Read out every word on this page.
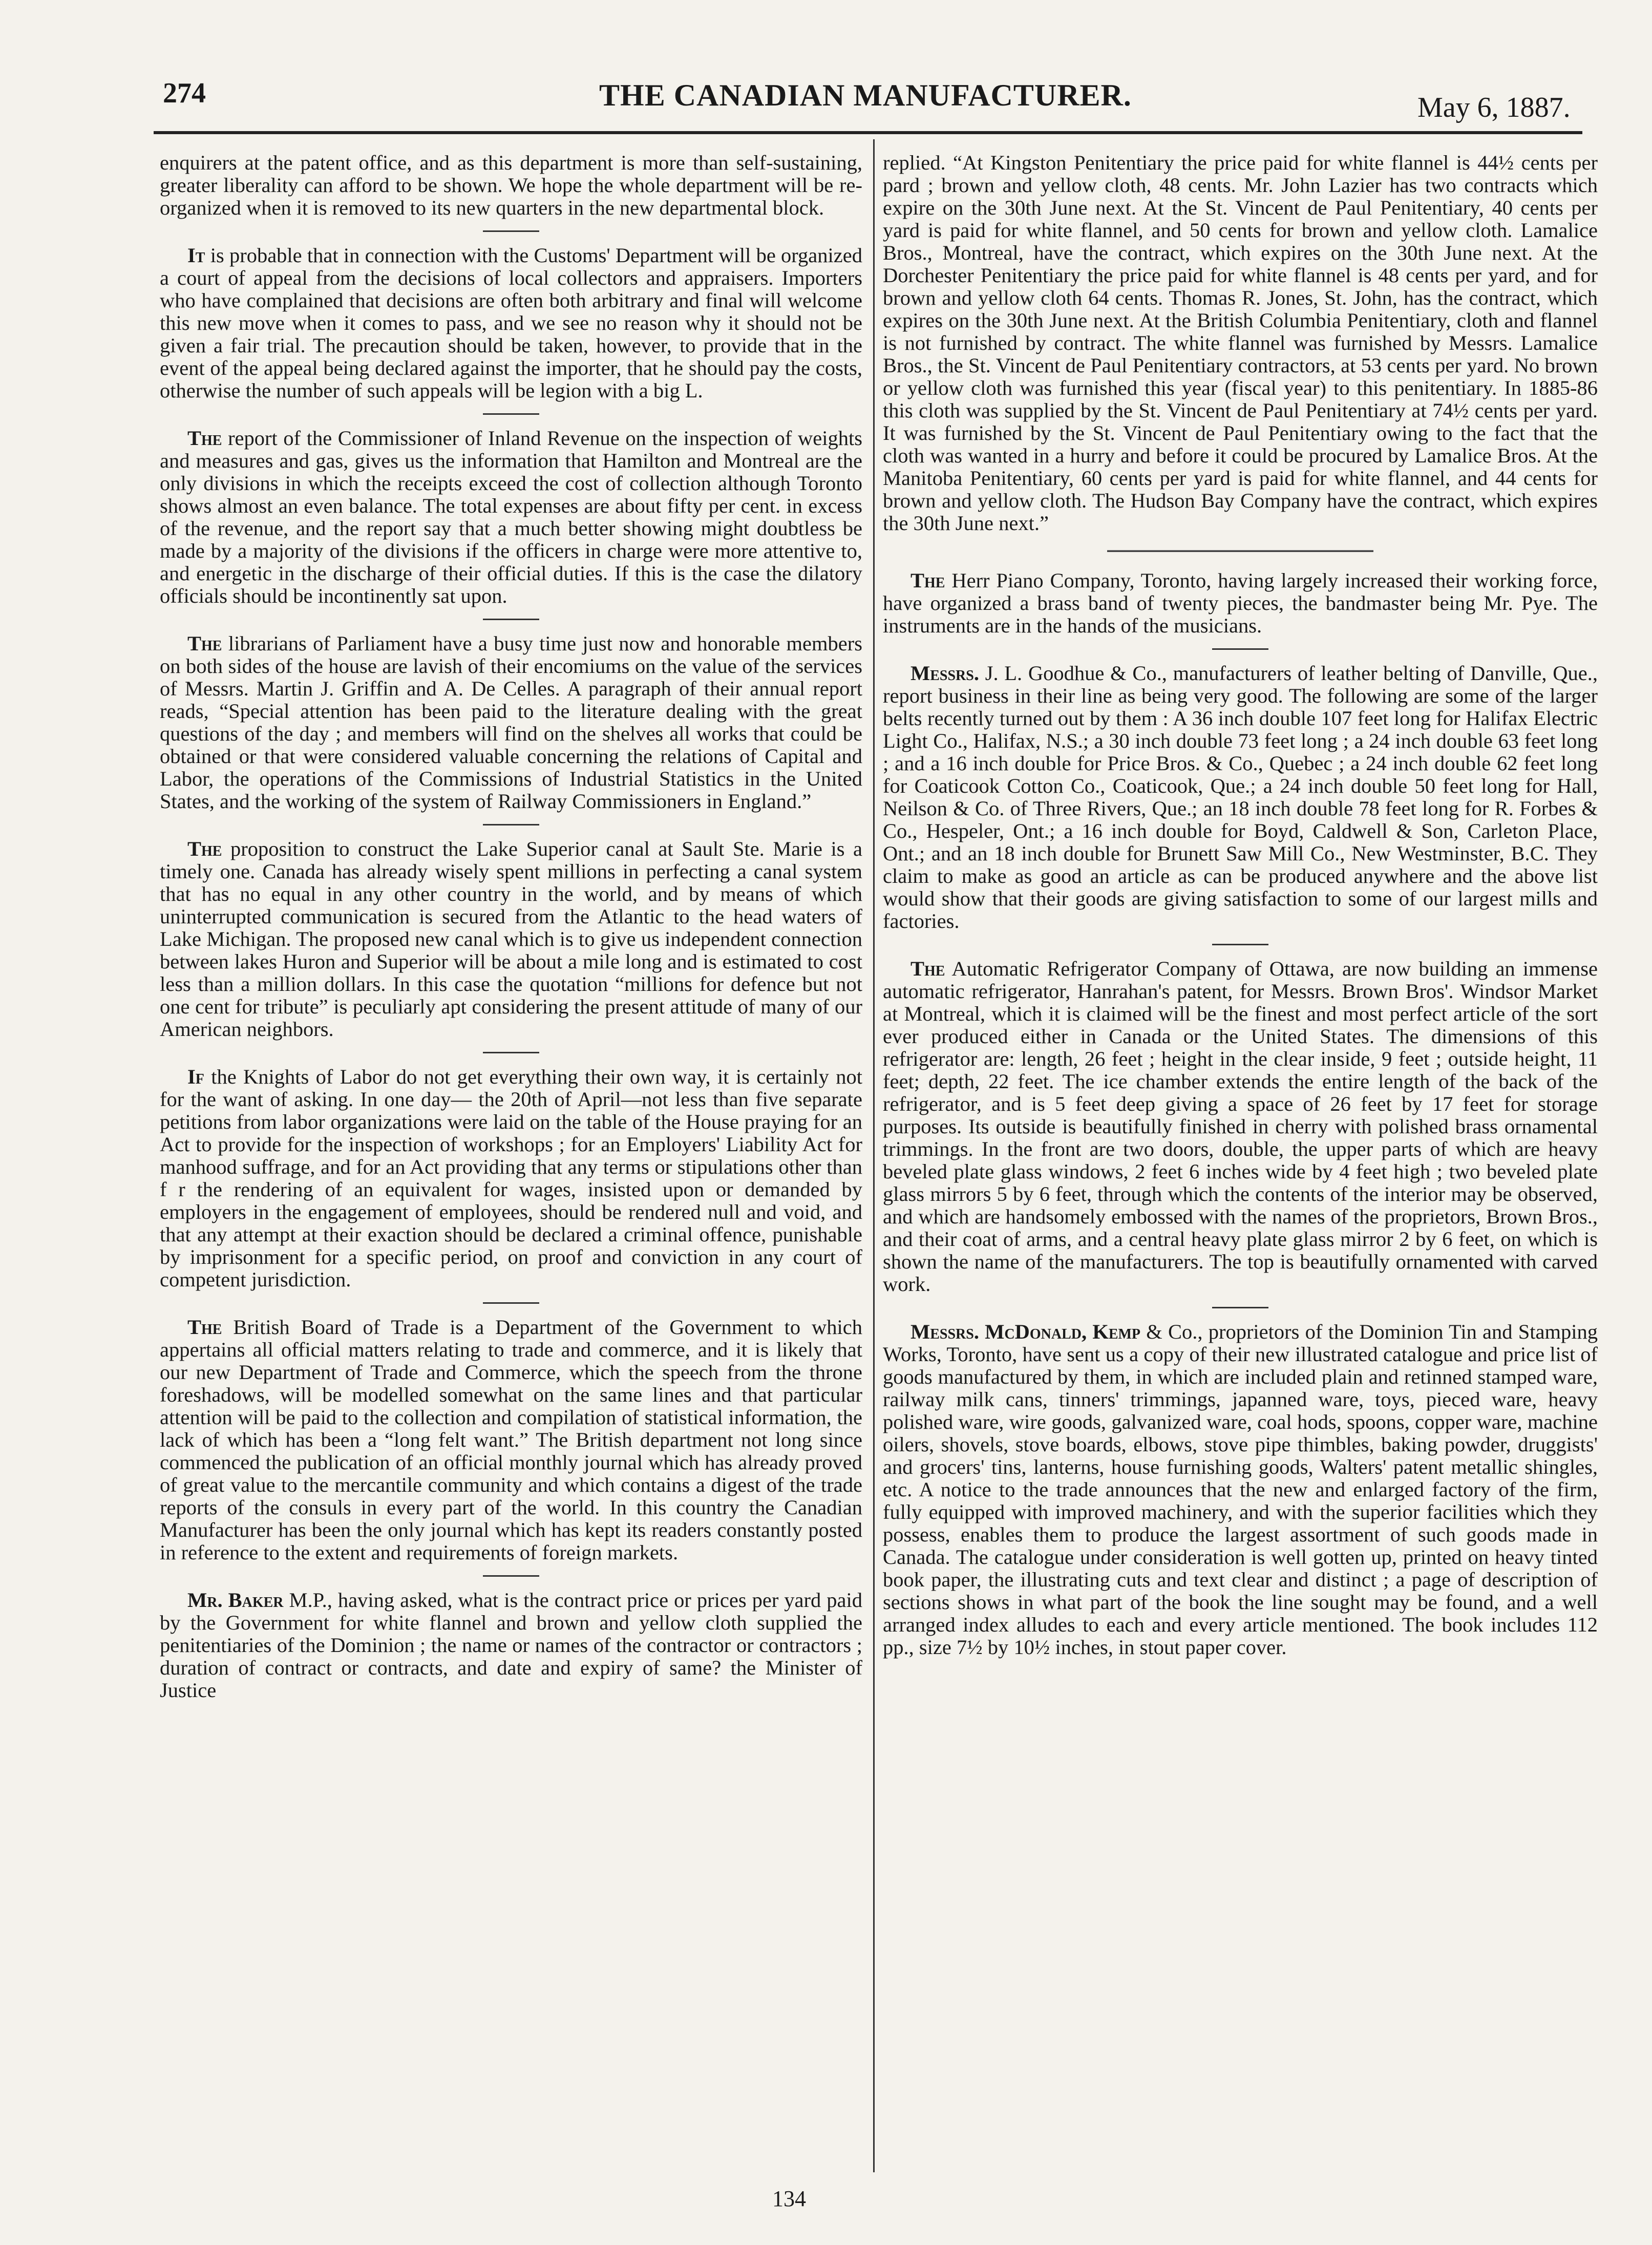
274	THE CANADIAN MANUFACTURER.	May 6, 1887.

enquirers at the patent office, and as this department is more than self-sustaining, greater liberality can afford to be shown. We hope the whole department will be re-organized when it is removed to its new quarters in the new departmental block.

It is probable that in connection with the Customs' Department will be organized a court of appeal from the decisions of local collectors and appraisers. Importers who have complained that decisions are often both arbitrary and final will welcome this new move when it comes to pass, and we see no reason why it should not be given a fair trial. The precaution should be taken, however, to provide that in the event of the appeal being declared against the importer, that he should pay the costs, otherwise the number of such appeals will be legion with a big L.

The report of the Commissioner of Inland Revenue on the inspection of weights and measures and gas, gives us the information that Hamilton and Montreal are the only divisions in which the receipts exceed the cost of collection although Toronto shows almost an even balance. The total expenses are about fifty per cent. in excess of the revenue, and the report say that a much better showing might doubtless be made by a majority of the divisions if the officers in charge were more attentive to, and energetic in the discharge of their official duties. If this is the case the dilatory officials should be incontinently sat upon.

The librarians of Parliament have a busy time just now and honorable members on both sides of the house are lavish of their encomiums on the value of the services of Messrs. Martin J. Griffin and A. De Celles. A paragraph of their annual report reads, “Special attention has been paid to the literature dealing with the great questions of the day ; and members will find on the shelves all works that could be obtained or that were considered valuable concerning the relations of Capital and Labor, the operations of the Commissions of Industrial Statistics in the United States, and the working of the system of Railway Commissioners in England.”

The proposition to construct the Lake Superior canal at Sault Ste. Marie is a timely one. Canada has already wisely spent millions in perfecting a canal system that has no equal in any other country in the world, and by means of which uninterrupted communication is secured from the Atlantic to the head waters of Lake Michigan. The proposed new canal which is to give us independent connection between lakes Huron and Superior will be about a mile long and is estimated to cost less than a million dollars. In this case the quotation “millions for defence but not one cent for tribute” is peculiarly apt considering the present attitude of many of our American neighbors.

If the Knights of Labor do not get everything their own way, it is certainly not for the want of asking. In one day— the 20th of April—not less than five separate petitions from labor organizations were laid on the table of the House praying for an Act to provide for the inspection of workshops ; for an Employers' Liability Act for manhood suffrage, and for an Act providing that any terms or stipulations other than f r the rendering of an equivalent for wages, insisted upon or demanded by employers in the engagement of employees, should be rendered null and void, and that any attempt at their exaction should be declared a criminal offence, punishable by imprisonment for a specific period, on proof and conviction in any court of competent jurisdiction.

The British Board of Trade is a Department of the Government to which appertains all official matters relating to trade and commerce, and it is likely that our new Department of Trade and Commerce, which the speech from the throne foreshadows, will be modelled somewhat on the same lines and that particular attention will be paid to the collection and compilation of statistical information, the lack of which has been a “long felt want.” The British department not long since commenced the publication of an official monthly journal which has already proved of great value to the mercantile community and which contains a digest of the trade reports of the consuls in every part of the world. In this country the Canadian Manufacturer has been the only journal which has kept its readers constantly posted in reference to the extent and requirements of foreign markets.

Mr. Baker M.P., having asked, what is the contract price or prices per yard paid by the Government for white flannel and brown and yellow cloth supplied the penitentiaries of the Dominion ; the name or names of the contractor or contractors ; duration of contract or contracts, and date and expiry of same? the Minister of Justice

replied. “At Kingston Penitentiary the price paid for white flannel is 44½ cents per pard ; brown and yellow cloth, 48 cents. Mr. John Lazier has two contracts which expire on the 30th June next. At the St. Vincent de Paul Penitentiary, 40 cents per yard is paid for white flannel, and 50 cents for brown and yellow cloth. Lamalice Bros., Montreal, have the contract, which expires on the 30th June next. At the Dorchester Penitentiary the price paid for white flannel is 48 cents per yard, and for brown and yellow cloth 64 cents. Thomas R. Jones, St. John, has the contract, which expires on the 30th June next. At the British Columbia Penitentiary, cloth and flannel is not furnished by contract. The white flannel was furnished by Messrs. Lamalice Bros., the St. Vincent de Paul Penitentiary contractors, at 53 cents per yard. No brown or yellow cloth was furnished this year (fiscal year) to this penitentiary. In 1885-86 this cloth was supplied by the St. Vincent de Paul Penitentiary at 74½ cents per yard. It was furnished by the St. Vincent de Paul Penitentiary owing to the fact that the cloth was wanted in a hurry and before it could be procured by Lamalice Bros. At the Manitoba Penitentiary, 60 cents per yard is paid for white flannel, and 44 cents for brown and yellow cloth. The Hudson Bay Company have the contract, which expires the 30th June next.”

The Herr Piano Company, Toronto, having largely increased their working force, have organized a brass band of twenty pieces, the bandmaster being Mr. Pye. The instruments are in the hands of the musicians.

Messrs. J. L. Goodhue & Co., manufacturers of leather belting of Danville, Que., report business in their line as being very good. The following are some of the larger belts recently turned out by them : A 36 inch double 107 feet long for Halifax Electric Light Co., Halifax, N.S.; a 30 inch double 73 feet long ; a 24 inch double 63 feet long ; and a 16 inch double for Price Bros. & Co., Quebec ; a 24 inch double 62 feet long for Coaticook Cotton Co., Coaticook, Que.; a 24 inch double 50 feet long for Hall, Neilson & Co. of Three Rivers, Que.; an 18 inch double 78 feet long for R. Forbes & Co., Hespeler, Ont.; a 16 inch double for Boyd, Caldwell & Son, Carleton Place, Ont.; and an 18 inch double for Brunett Saw Mill Co., New Westminster, B.C. They claim to make as good an article as can be produced anywhere and the above list would show that their goods are giving satisfaction to some of our largest mills and factories.

The Automatic Refrigerator Company of Ottawa, are now building an immense automatic refrigerator, Hanrahan's patent, for Messrs. Brown Bros'. Windsor Market at Montreal, which it is claimed will be the finest and most perfect article of the sort ever produced either in Canada or the United States. The dimensions of this refrigerator are: length, 26 feet ; height in the clear inside, 9 feet ; outside height, 11 feet; depth, 22 feet. The ice chamber extends the entire length of the back of the refrigerator, and is 5 feet deep giving a space of 26 feet by 17 feet for storage purposes. Its outside is beautifully finished in cherry with polished brass ornamental trimmings. In the front are two doors, double, the upper parts of which are heavy beveled plate glass windows, 2 feet 6 inches wide by 4 feet high ; two beveled plate glass mirrors 5 by 6 feet, through which the contents of the interior may be observed, and which are handsomely embossed with the names of the proprietors, Brown Bros., and their coat of arms, and a central heavy plate glass mirror 2 by 6 feet, on which is shown the name of the manufacturers. The top is beautifully ornamented with carved work.

Messrs. McDonald, Kemp & Co., proprietors of the Dominion Tin and Stamping Works, Toronto, have sent us a copy of their new illustrated catalogue and price list of goods manufactured by them, in which are included plain and retinned stamped ware, railway milk cans, tinners' trimmings, japanned ware, toys, pieced ware, heavy polished ware, wire goods, galvanized ware, coal hods, spoons, copper ware, machine oilers, shovels, stove boards, elbows, stove pipe thimbles, baking powder, druggists' and grocers' tins, lanterns, house furnishing goods, Walters' patent metallic shingles, etc. A notice to the trade announces that the new and enlarged factory of the firm, fully equipped with improved machinery, and with the superior facilities which they possess, enables them to produce the largest assortment of such goods made in Canada. The catalogue under consideration is well gotten up, printed on heavy tinted book paper, the illustrating cuts and text clear and distinct ; a page of description of sections shows in what part of the book the line sought may be found, and a well arranged index alludes to each and every article mentioned. The book includes 112 pp., size 7½ by 10½ inches, in stout paper cover.

134
